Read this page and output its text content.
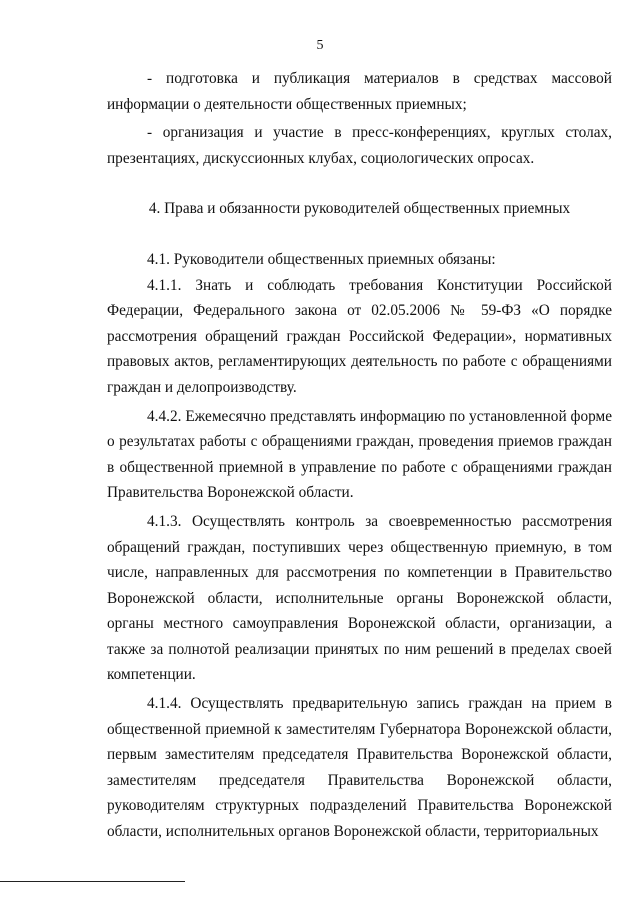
5

- подготовка и публикация материалов в средствах массовой информации о деятельности общественных приемных;

- организация и участие в пресс-конференциях, круглых столах, презентациях, дискуссионных клубах, социологических опросах.

4. Права и обязанности руководителей общественных приемных

4.1. Руководители общественных приемных обязаны:

4.1.1. Знать и соблюдать требования Конституции Российской Федерации, Федерального закона от 02.05.2006 № 59-ФЗ «О порядке рассмотрения обращений граждан Российской Федерации», нормативных правовых актов, регламентирующих деятельность по работе с обращениями граждан и делопроизводству.

4.4.2. Ежемесячно представлять информацию по установленной форме о результатах работы с обращениями граждан, проведения приемов граждан в общественной приемной в управление по работе с обращениями граждан Правительства Воронежской области.

4.1.3. Осуществлять контроль за своевременностью рассмотрения обращений граждан, поступивших через общественную приемную, в том числе, направленных для рассмотрения по компетенции в Правительство Воронежской области, исполнительные органы Воронежской области, органы местного самоуправления Воронежской области, организации, а также за полнотой реализации принятых по ним решений в пределах своей компетенции.

4.1.4. Осуществлять предварительную запись граждан на прием в общественной приемной к заместителям Губернатора Воронежской области, первым заместителям председателя Правительства Воронежской области, заместителям председателя Правительства Воронежской области, руководителям структурных подразделений Правительства Воронежской области, исполнительных органов Воронежской области, территориальных
